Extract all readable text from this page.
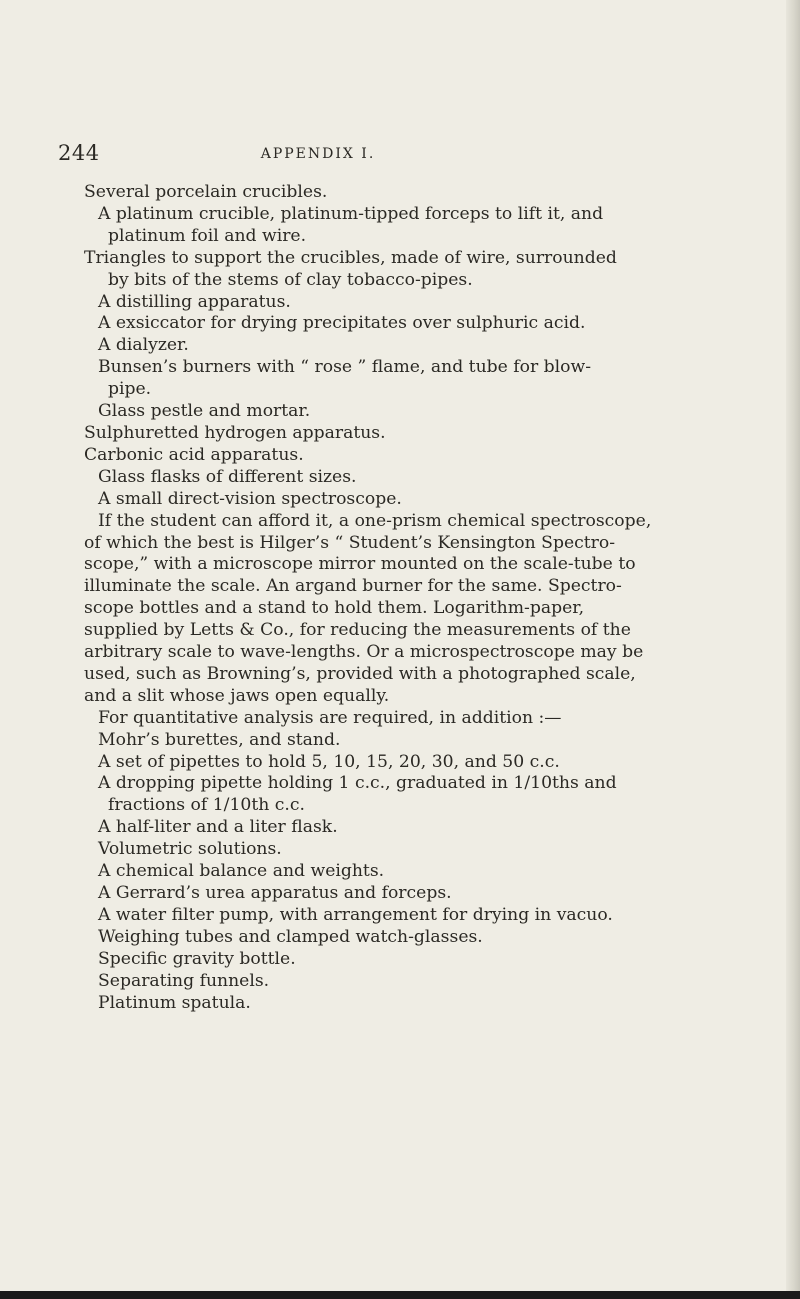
244	APPENDIX I.

Several porcelain crucibles.

A platinum crucible, platinum-tipped forceps to lift it, and

platinum foil and wire.

Triangles to support the crucibles, made of wire, surrounded

by bits of the stems of clay tobacco-pipes.

A distilling apparatus.

A exsiccator for drying precipitates over sulphuric acid.

A dialyzer.

Bunsen’s burners with “ rose ” flame, and tube for blow-

pipe.

Glass pestle and mortar.

Sulphuretted hydrogen apparatus.

Carbonic acid apparatus.

Glass flasks of different sizes.

A small direct-vision spectroscope.

If the student can afford it, a one-prism chemical spectroscope,

of which the best is Hilger’s “ Student’s Kensington Spectro-

scope,” with a microscope mirror mounted on the scale-tube to

illuminate the scale. An argand burner for the same. Spectro-

scope bottles and a stand to hold them. Logarithm-paper,

supplied by Letts & Co., for reducing the measurements of the

arbitrary scale to wave-lengths. Or a microspectroscope may be

used, such as Browning’s, provided with a photographed scale,

and a slit whose jaws open equally.

For quantitative analysis are required, in addition :—

Mohr’s burettes, and stand.

A set of pipettes to hold 5, 10, 15, 20, 30, and 50 c.c.

A dropping pipette holding 1 c.c., graduated in 1/10ths and

fractions of 1/10th c.c.

A half-liter and a liter flask.

Volumetric solutions.

A chemical balance and weights.

A Gerrard’s urea apparatus and forceps.

A water filter pump, with arrangement for drying in vacuo.

Weighing tubes and clamped watch-glasses.

Specific gravity bottle.

Separating funnels.

Platinum spatula.
